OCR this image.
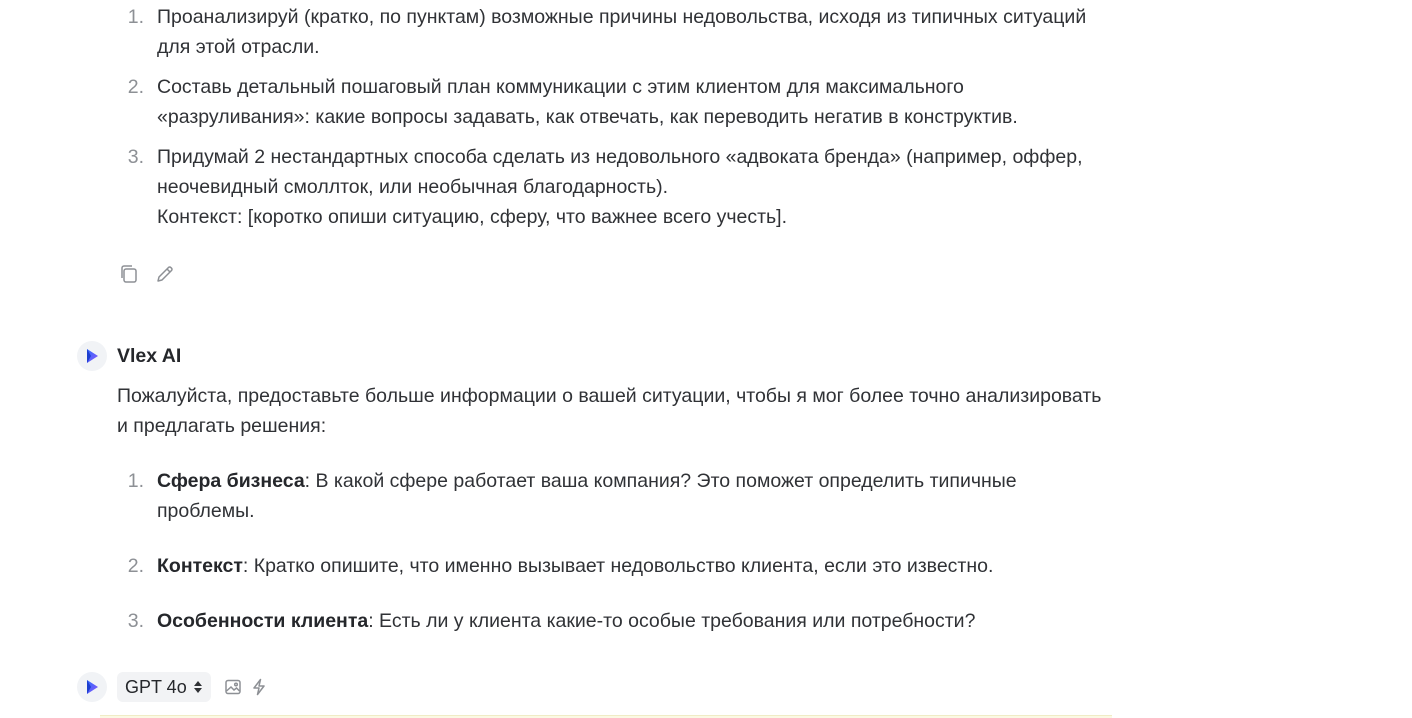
1. Проанализируй (кратко, по пунктам) возможные причины недовольства, исходя из типичных ситуаций для этой отрасли.
2. Составь детальный пошаговый план коммуникации с этим клиентом для максимального «разруливания»: какие вопросы задавать, как отвечать, как переводить негатив в конструктив.
3. Придумай 2 нестандартных способа сделать из недовольного «адвоката бренда» (например, оффер, неочевидный смоллток, или необычная благодарность).
Контекст: [коротко опиши ситуацию, сферу, что важнее всего учесть].
Vlex AI

Пожалуйста, предоставьте больше информации о вашей ситуации, чтобы я мог более точно анализировать и предлагать решения:

1. Сфера бизнеса: В какой сфере работает ваша компания? Это поможет определить типичные проблемы.
2. Контекст: Кратко опишите, что именно вызывает недовольство клиента, если это известно.
3. Особенности клиента: Есть ли у клиента какие-то особые требования или потребности?
GPT 4o
